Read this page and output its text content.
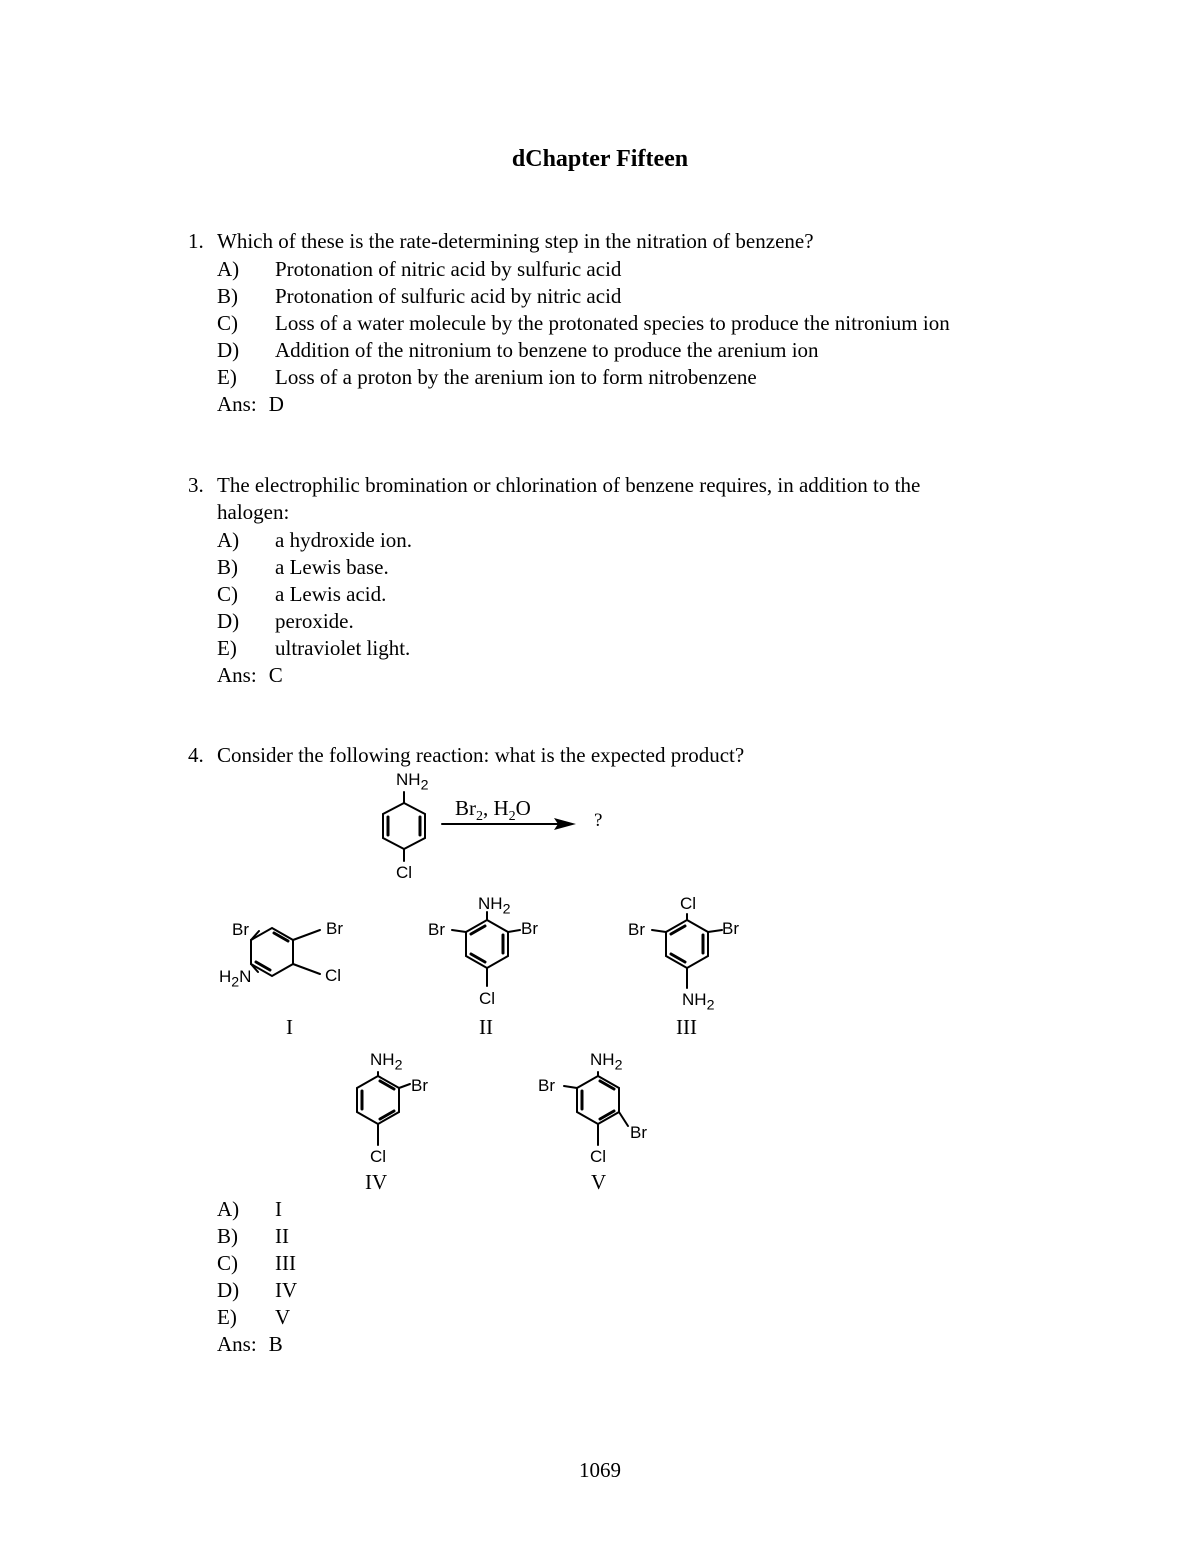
dChapter Fifteen
1. Which of these is the rate-determining step in the nitration of benzene?
A) Protonation of nitric acid by sulfuric acid
B) Protonation of sulfuric acid by nitric acid
C) Loss of a water molecule by the protonated species to produce the nitronium ion
D) Addition of the nitronium to benzene to produce the arenium ion
E) Loss of a proton by the arenium ion to form nitrobenzene
Ans: D
3. The electrophilic bromination or chlorination of benzene requires, in addition to the
halogen:
A) a hydroxide ion.
B) a Lewis base.
C) a Lewis acid.
D) peroxide.
E) ultraviolet light.
Ans: C
4. Consider the following reaction: what is the expected product?
$NH_2$
Cl
$Br_2$, $H_2O$
?
Br	Br
$H_2N$	Cl
I
$NH_2$
Br	Br
Cl
II
Cl
Br	Br
$NH_2$
III
$NH_2$
Br
Cl
IV
$NH_2$
Br
Br
Cl
V
A) I
B) II
C) III
D) IV
E) V
Ans: B
1069
